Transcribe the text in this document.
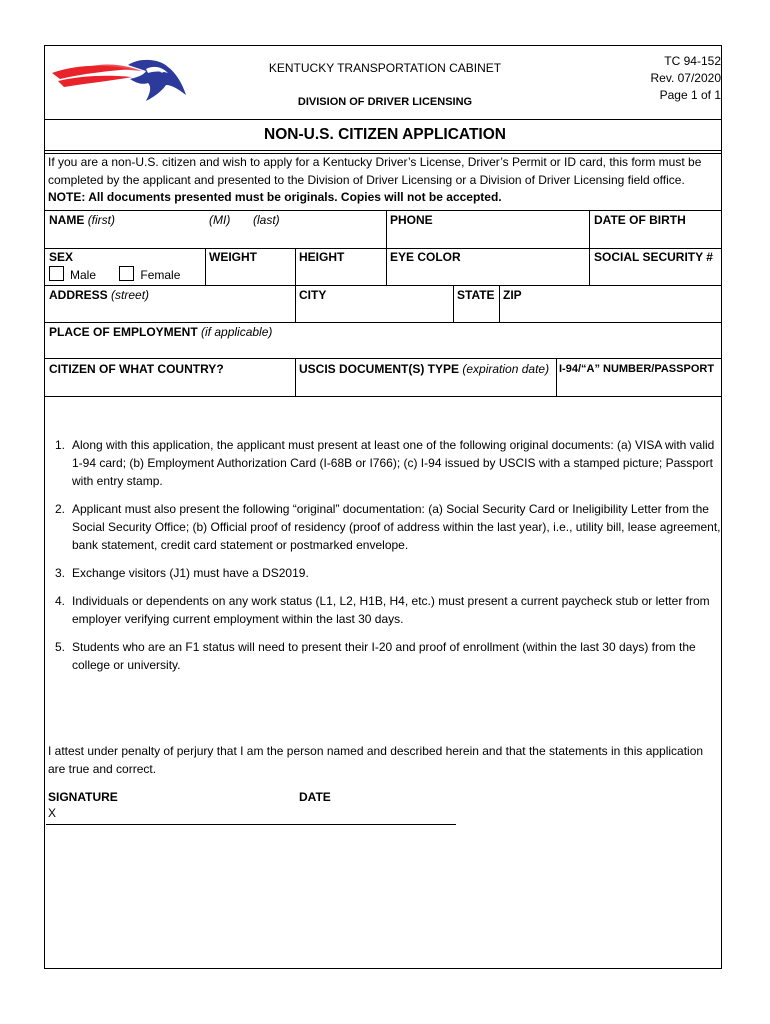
KENTUCKY TRANSPORTATION CABINET
DIVISION OF DRIVER LICENSING
TC 94-152
Rev. 07/2020
Page 1 of 1
NON-U.S. CITIZEN APPLICATION
If you are a non-U.S. citizen and wish to apply for a Kentucky Driver’s License, Driver’s Permit or ID card, this form must be completed by the applicant and presented to the Division of Driver Licensing or a Division of Driver Licensing field office. NOTE: All documents presented must be originals. Copies will not be accepted.
NAME (first)	(MI) (last)	PHONE	DATE OF BIRTH
SEX
Male	Female
WEIGHT	HEIGHT	EYE COLOR	SOCIAL SECURITY #
ADDRESS (street)	CITY	STATE ZIP
PLACE OF EMPLOYMENT (if applicable)
CITIZEN OF WHAT COUNTRY?	USCIS DOCUMENT(S) TYPE (expiration date) I-94/“A” NUMBER/PASSPORT
1. Along with this application, the applicant must present at least one of the following original documents: (a) VISA with valid 1-94 card; (b) Employment Authorization Card (I-68B or I766); (c) I-94 issued by USCIS with a stamped picture; Passport with entry stamp.
2. Applicant must also present the following “original” documentation: (a) Social Security Card or Ineligibility Letter from the Social Security Office; (b) Official proof of residency (proof of address within the last year), i.e., utility bill, lease agreement, bank statement, credit card statement or postmarked envelope.
3. Exchange visitors (J1) must have a DS2019.
4. Individuals or dependents on any work status (L1, L2, H1B, H4, etc.) must present a current paycheck stub or letter from employer verifying current employment within the last 30 days.
5. Students who are an F1 status will need to present their I-20 and proof of enrollment (within the last 30 days) from the college or university.
I attest under penalty of perjury that I am the person named and described herein and that the statements in this application are true and correct.
SIGNATURE
X
DATE
